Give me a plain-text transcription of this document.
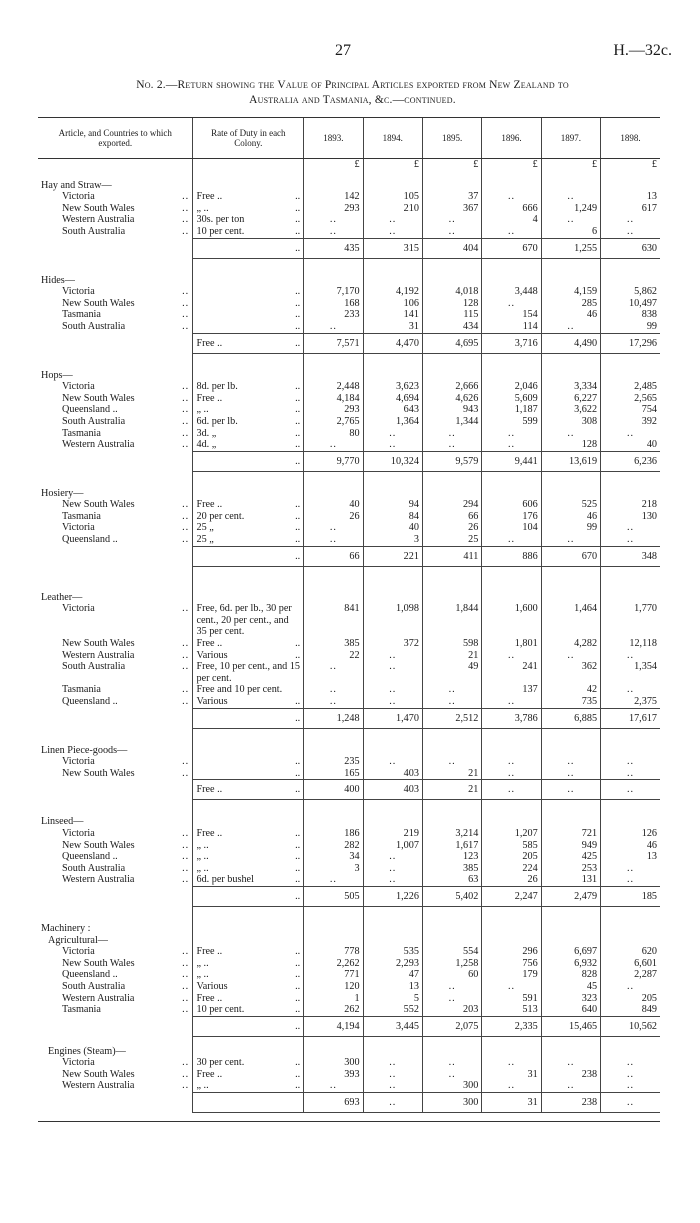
27	H.—32c.
No. 2.—Return showing the Value of Principal Articles exported from New Zealand to
Australia and Tasmania, &c.—continued.
Article, and Countries to which exported.		Rate of Duty in each Colony.	1893.	1894.	1895.	1896.	1897.	1898.
			£	£	£	£	£	£

Hay and Straw—								
Victoria	..	Free .. ..	142	105	37	..	..	13
New South Wales	..	„ .. ..	293	210	367	666	1,249	617
Western Australia	..	30s. per ton ..	..	..	..	4	..	..
South Australia	..	10 per cent. ..	..	..	..	..	6	..

		..	435	315	404	670	1,255	630

Hides—								
Victoria	..	..	7,170	4,192	4,018	3,448	4,159	5,862
New South Wales	..	..	168	106	128	..	285	10,497
Tasmania	..	..	233	141	115	154	46	838
South Australia	..	..	..	31	434	114	..	99
		Free .. ..	7,571	4,470	4,695	3,716	4,490	17,296

Hops—								
Victoria	..	8d. per lb. ..	2,448	3,623	2,666	2,046	3,334	2,485
New South Wales	..	Free .. ..	4,184	4,694	4,626	5,609	6,227	2,565
Queensland ..	..	„ .. ..	293	643	943	1,187	3,622	754
South Australia	..	6d. per lb. ..	2,765	1,364	1,344	599	308	392
Tasmania	..	3d. „ ..	80	..	..	..	..	..
Western Australia	..	4d. „ ..	..	..	..	..	128	40

		..	9,770	10,324	9,579	9,441	13,619	6,236

Hosiery—								
New South Wales	..	Free .. ..	40	94	294	606	525	218
Tasmania	..	20 per cent. ..	26	84	66	176	46	130
Victoria	..	25 „ ..	..	40	26	104	99	..
Queensland ..	..	25 „ ..	..	3	25	..	..	..

		..	66	221	411	886	670	348

Leather—								
Victoria	..	Free, 6d. per lb., 30 per cent., 20 per cent., and 35 per cent.	841	1,098	1,844	1,600	1,464	1,770
New South Wales	..	Free .. ..	385	372	598	1,801	4,282	12,118
Western Australia	..	Various ..	22	..	21	..	..	..
South Australia	..	Free, 10 per cent., and 15 per cent.	..	..	49	241	362	1,354
Tasmania	..	Free and 10 per cent.	..	..	..	137	42	..
Queensland ..	..	Various ..	..	..	..	..	735	2,375

		..	1,248	1,470	2,512	3,786	6,885	17,617

Linen Piece-goods—								
Victoria	..	..	235	..	..	..	..	..
New South Wales	..	..	165	403	21	..	..	..
		Free .. ..	400	403	21	..	..	..

Linseed—								
Victoria	..	Free .. ..	186	219	3,214	1,207	721	126
New South Wales	..	„ .. ..	282	1,007	1,617	585	949	46
Queensland ..	..	„ .. ..	34	..	123	205	425	13
South Australia	..	„ .. ..	3	..	385	224	253	..
Western Australia	..	6d. per bushel ..	..	..	63	26	131	..

		..	505	1,226	5,402	2,247	2,479	185

Machinery :								
Agricultural—								
Victoria	..	Free .. ..	778	535	554	296	6,697	620
New South Wales	..	„ .. ..	2,262	2,293	1,258	756	6,932	6,601
Queensland ..	..	„ .. ..	771	47	60	179	828	2,287
South Australia	..	Various ..	120	13	..	..	45	..
Western Australia	..	Free .. ..	1	5	..	591	323	205
Tasmania	..	10 per cent. ..	262	552	203	513	640	849

		..	4,194	3,445	2,075	2,335	15,465	10,562

Engines (Steam)—								
Victoria	..	30 per cent. ..	300	..	..	..	..	..
New South Wales	..	Free .. ..	393	..	..	31	238	..
Western Australia	..	„ .. ..	..	..	300	..	..	..

		693	..	300	31	238	..
